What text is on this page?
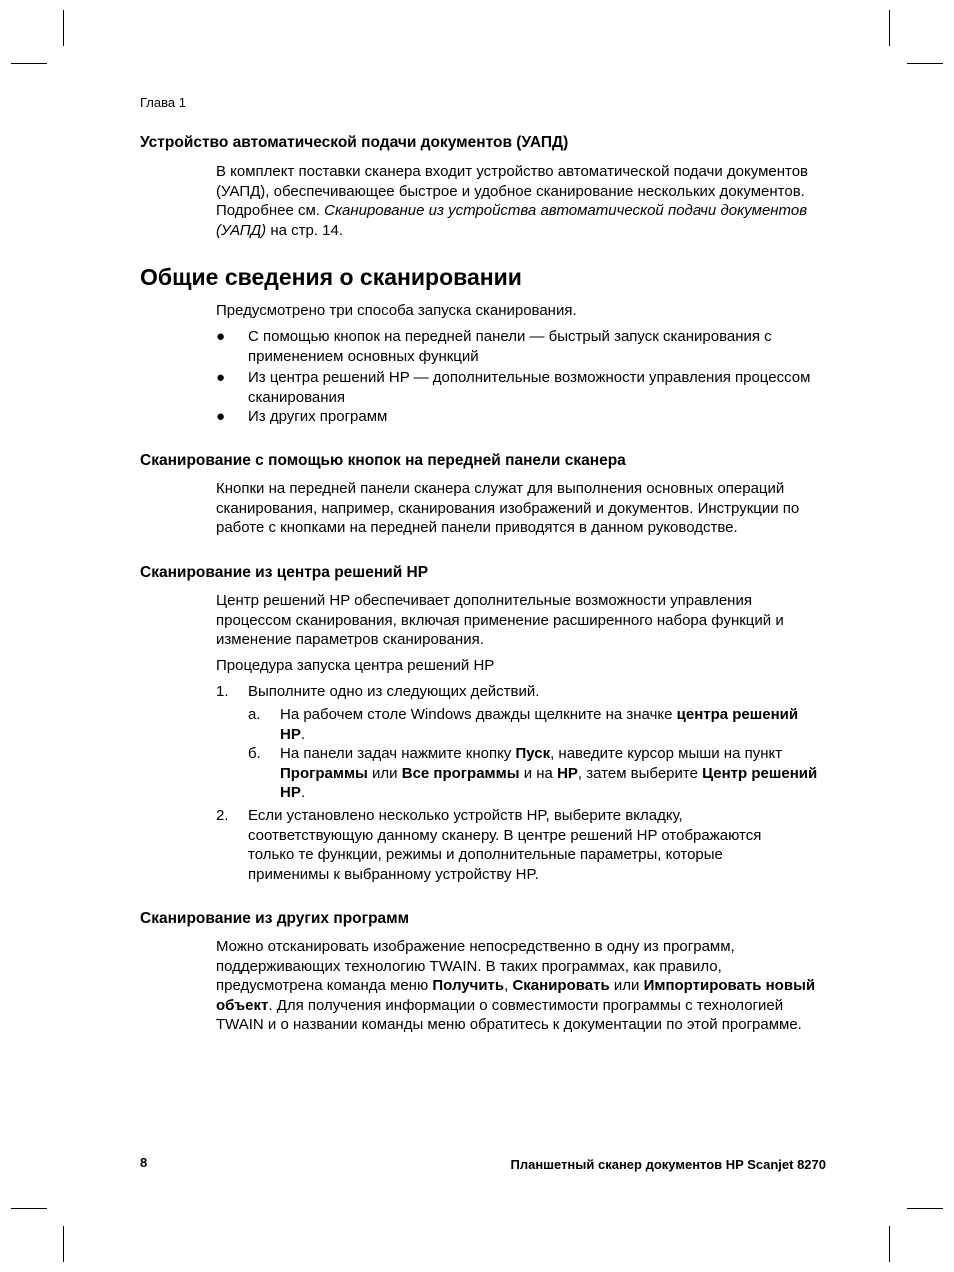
Глава 1
Устройство автоматической подачи документов (УАПД)

В комплект поставки сканера входит устройство автоматической подачи документов (УАПД), обеспечивающее быстрое и удобное сканирование нескольких документов. Подробнее см. Сканирование из устройства автоматической подачи документов (УАПД) на стр. 14.

Общие сведения о сканировании
Предусмотрено три способа запуска сканирования.
● С помощью кнопок на передней панели — быстрый запуск сканирования с применением основных функций
● Из центра решений HP — дополнительные возможности управления процессом сканирования
● Из других программ
Сканирование с помощью кнопок на передней панели сканера
Кнопки на передней панели сканера служат для выполнения основных операций сканирования, например, сканирования изображений и документов. Инструкции по работе с кнопками на передней панели приводятся в данном руководстве.
Сканирование из центра решений HP
Центр решений HP обеспечивает дополнительные возможности управления процессом сканирования, включая применение расширенного набора функций и изменение параметров сканирования.
Процедура запуска центра решений HP
1. Выполните одно из следующих действий.
а. На рабочем столе Windows дважды щелкните на значке центра решений HP.
б. На панели задач нажмите кнопку Пуск, наведите курсор мыши на пункт Программы или Все программы и на HP, затем выберите Центр решений HP.
2. Если установлено несколько устройств HP, выберите вкладку, соответствующую данному сканеру. В центре решений HP отображаются только те функции, режимы и дополнительные параметры, которые применимы к выбранному устройству HP.
Сканирование из других программ

Можно отсканировать изображение непосредственно в одну из программ, поддерживающих технологию TWAIN. В таких программах, как правило, предусмотрена команда меню Получить, Сканировать или Импортировать новый объект. Для получения информации о совместимости программы с технологией TWAIN и о названии команды меню обратитесь к документации по этой программе.

8	Планшетный сканер документов HP Scanjet 8270
